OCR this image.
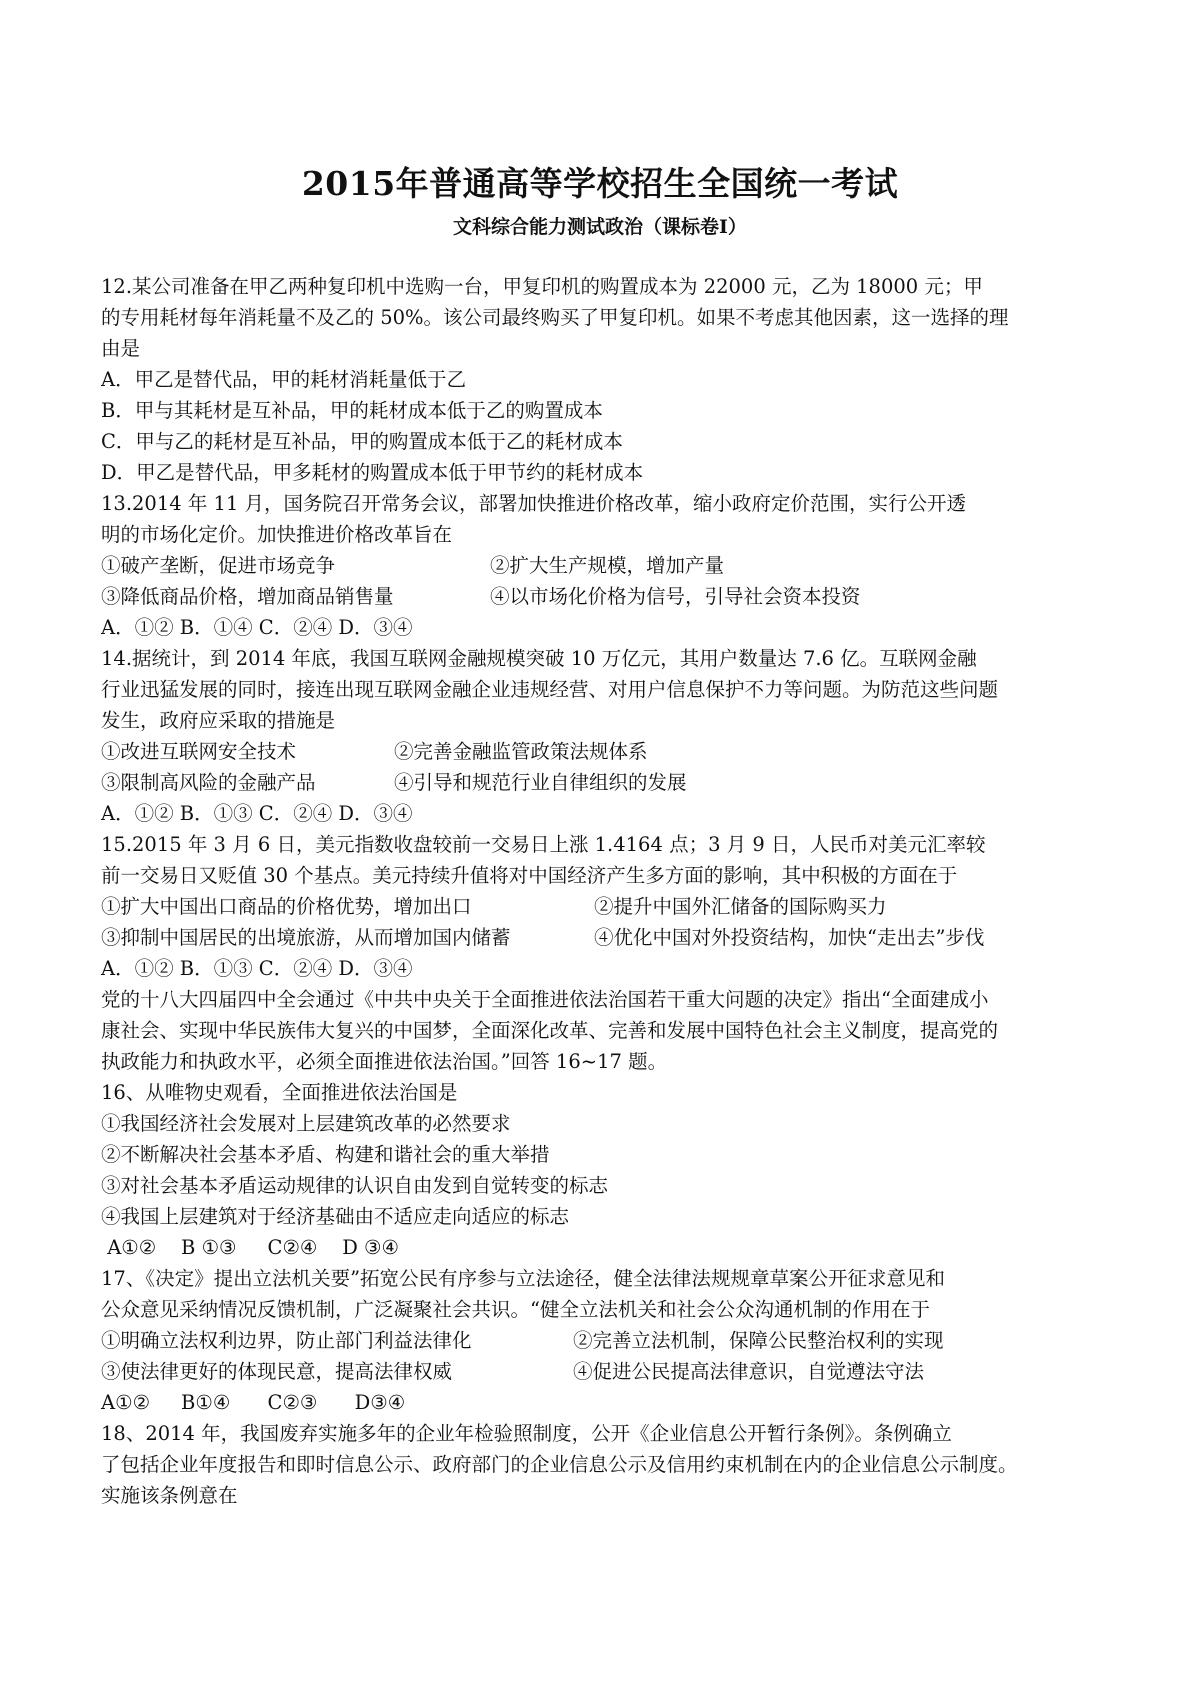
2015年普通高等学校招生全国统一考试
文科综合能力测试政治（课标卷Ⅰ）
12.某公司准备在甲乙两种复印机中选购一台，甲复印机的购置成本为 22000 元，乙为 18000 元；甲
的专用耗材每年消耗量不及乙的 50%。该公司最终购买了甲复印机。如果不考虑其他因素，这一选择的理
由是
A．甲乙是替代品，甲的耗材消耗量低于乙
B．甲与其耗材是互补品，甲的耗材成本低于乙的购置成本
C．甲与乙的耗材是互补品，甲的购置成本低于乙的耗材成本
D．甲乙是替代品，甲多耗材的购置成本低于甲节约的耗材成本
13.2014 年 11 月，国务院召开常务会议，部署加快推进价格改革，缩小政府定价范围，实行公开透
明的市场化定价。加快推进价格改革旨在
①破产垄断，促进市场竞争	②扩大生产规模，增加产量
③降低商品价格，增加商品销售量	④以市场化价格为信号，引导社会资本投资
A．①② B．①④ C．②④ D．③④
14.据统计，到 2014 年底，我国互联网金融规模突破 10 万亿元，其用户数量达 7.6 亿。互联网金融
行业迅猛发展的同时，接连出现互联网金融企业违规经营、对用户信息保护不力等问题。为防范这些问题
发生，政府应采取的措施是
①改进互联网安全技术	②完善金融监管政策法规体系
③限制高风险的金融产品	④引导和规范行业自律组织的发展
A．①② B．①③ C．②④ D．③④
15.2015 年 3 月 6 日，美元指数收盘较前一交易日上涨 1.4164 点；3 月 9 日，人民币对美元汇率较
前一交易日又贬值 30 个基点。美元持续升值将对中国经济产生多方面的影响，其中积极的方面在于
①扩大中国出口商品的价格优势，增加出口	②提升中国外汇储备的国际购买力
③抑制中国居民的出境旅游，从而增加国内储蓄	④优化中国对外投资结构，加快“走出去”步伐
A．①② B．①③ C．②④ D．③④
党的十八大四届四中全会通过《中共中央关于全面推进依法治国若干重大问题的决定》指出“全面建成小
康社会、实现中华民族伟大复兴的中国梦，全面深化改革、完善和发展中国特色社会主义制度，提高党的
执政能力和执政水平，必须全面推进依法治国。”回答 16~17 题。
16、从唯物史观看，全面推进依法治国是
①我国经济社会发展对上层建筑改革的必然要求
②不断解决社会基本矛盾、构建和谐社会的重大举措
③对社会基本矛盾运动规律的认识自由发到自觉转变的标志
④我国上层建筑对于经济基础由不适应走向适应的标志
A①②    B ①③     C②④    D ③④
17、《决定》提出立法机关要”拓宽公民有序参与立法途径，健全法律法规规章草案公开征求意见和
公众意见采纳情况反馈机制，广泛凝聚社会共识。“健全立法机关和社会公众沟通机制的作用在于
①明确立法权利边界，防止部门利益法律化	②完善立法机制，保障公民整治权利的实现
③使法律更好的体现民意，提高法律权威	④促进公民提高法律意识，自觉遵法守法
A①②     B①④      C②③      D③④
18、2014 年，我国废弃实施多年的企业年检验照制度，公开《企业信息公开暂行条例》。条例确立
了包括企业年度报告和即时信息公示、政府部门的企业信息公示及信用约束机制在内的企业信息公示制度。
实施该条例意在
